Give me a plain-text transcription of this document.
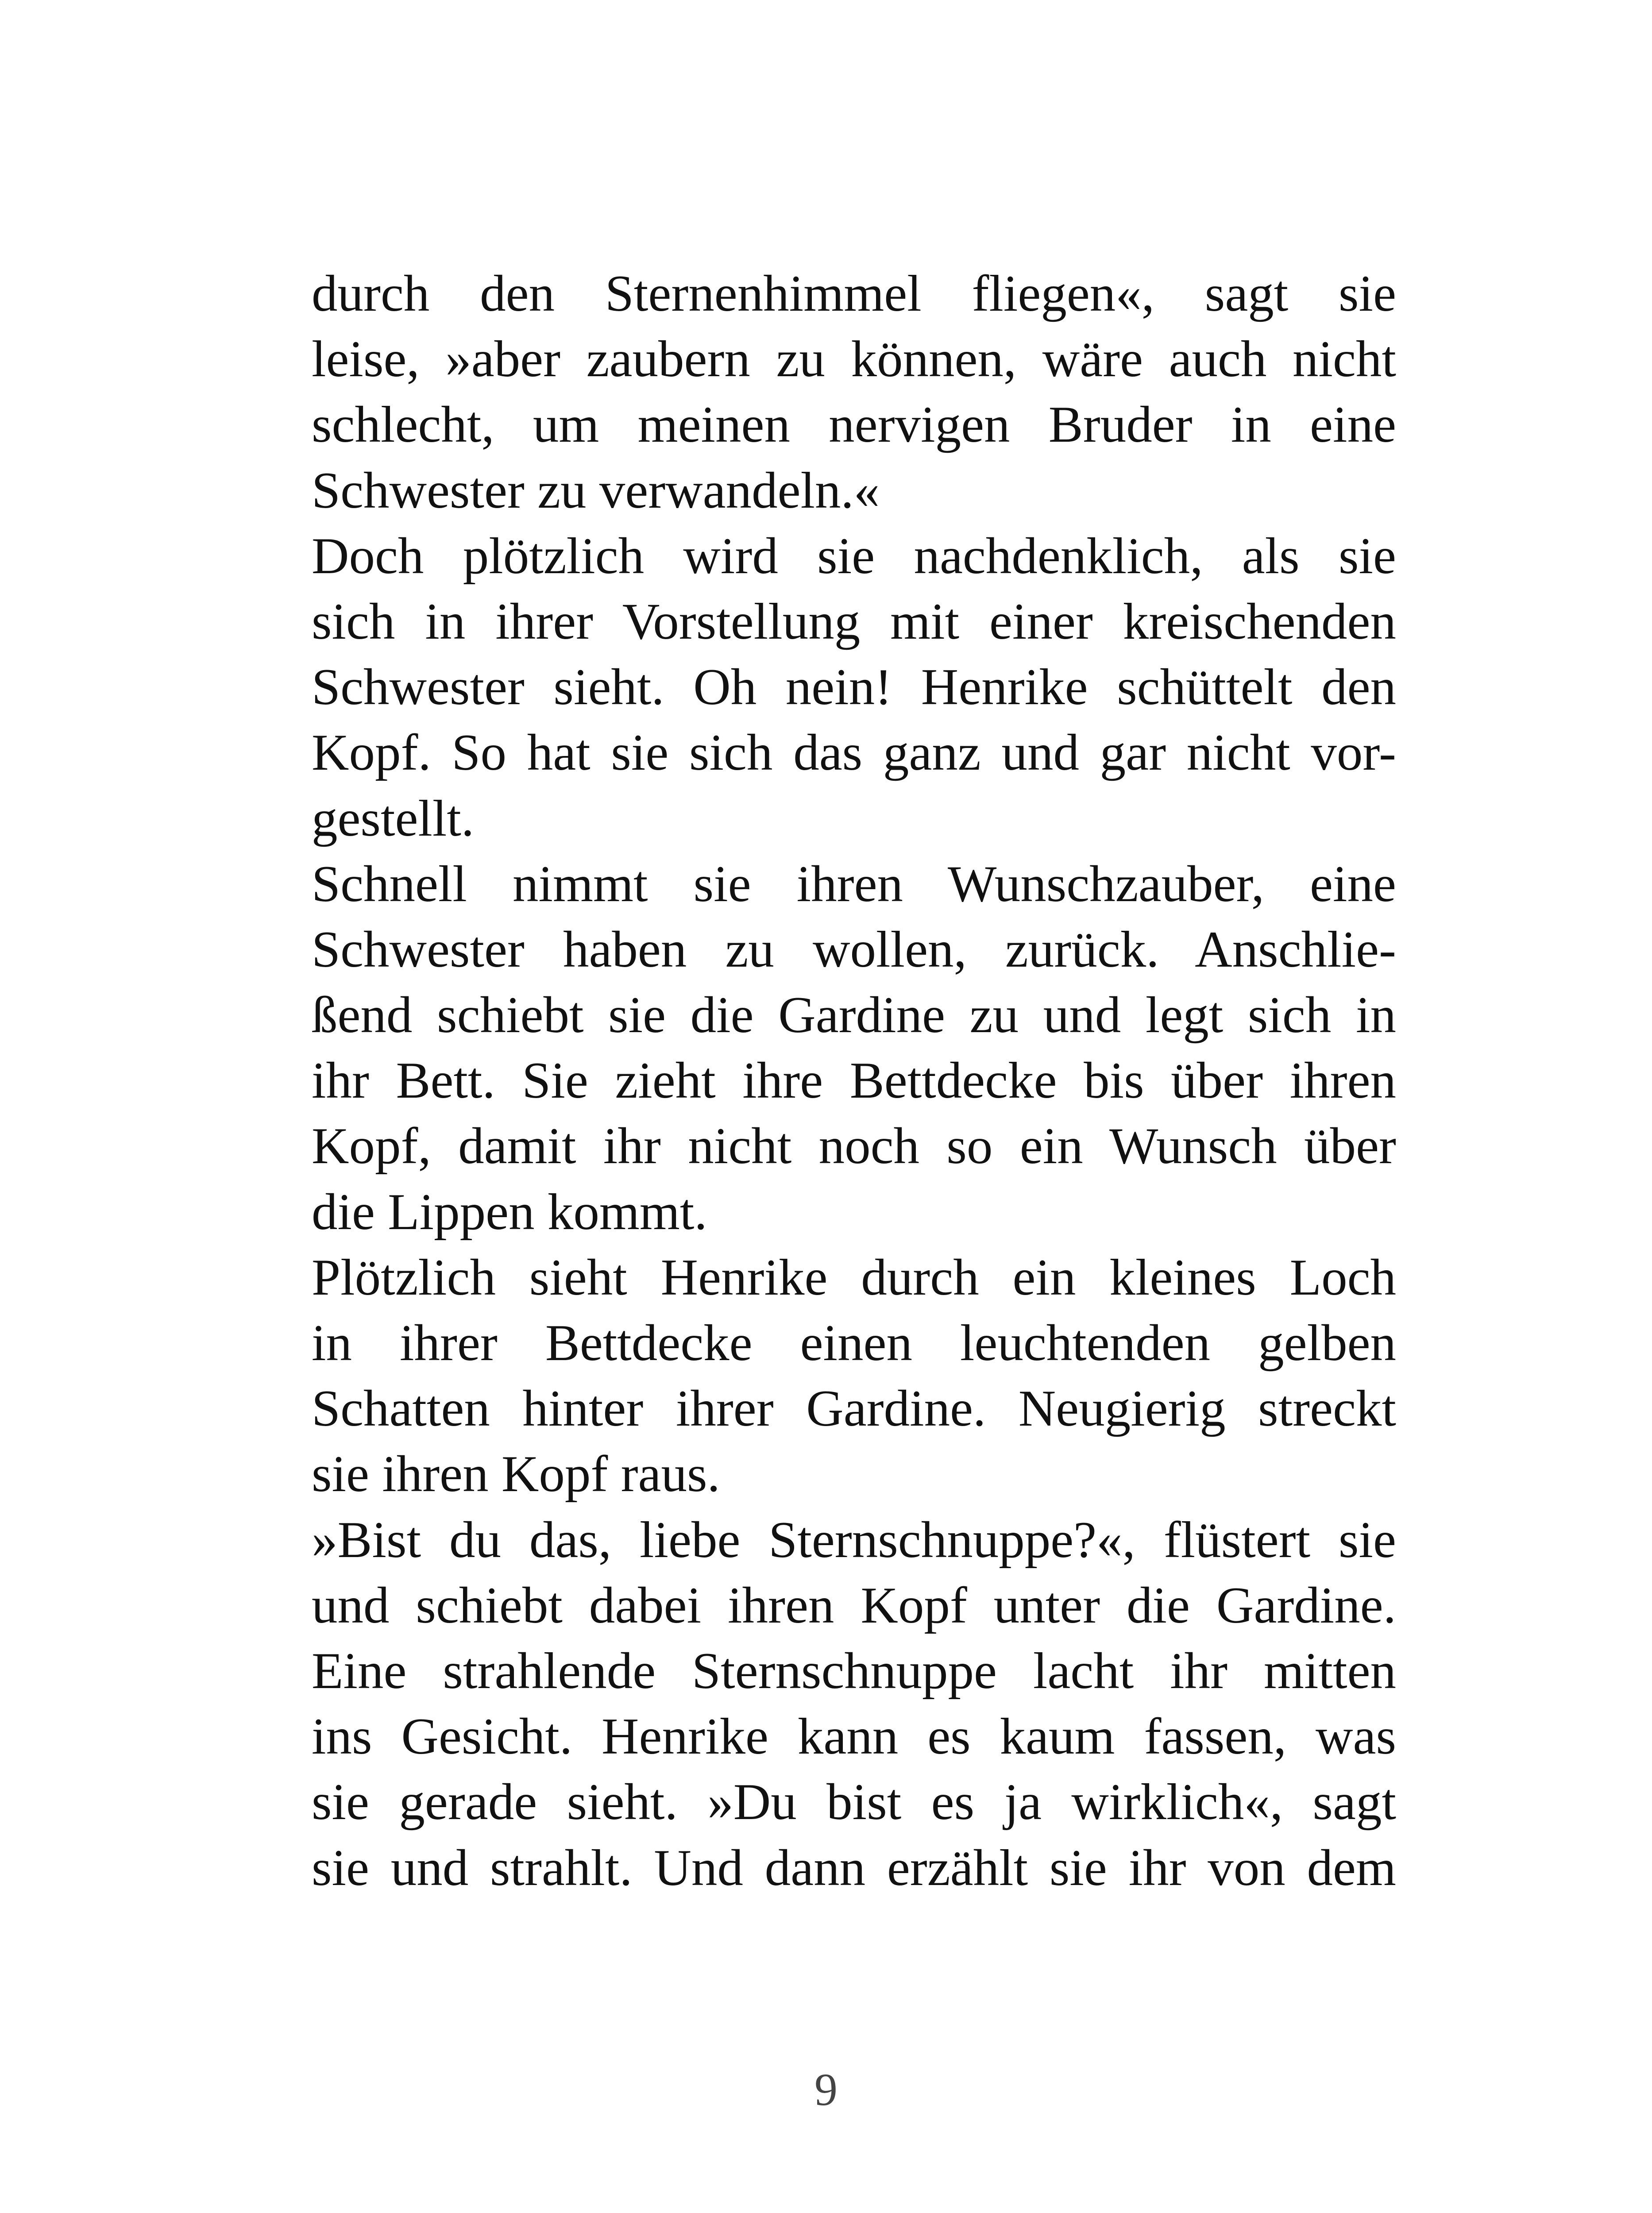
durch den Sternenhimmel fliegen«, sagt sie
leise, »aber zaubern zu können, wäre auch nicht
schlecht, um meinen nervigen Bruder in eine
Schwester zu verwandeln.«
Doch plötzlich wird sie nachdenklich, als sie
sich in ihrer Vorstellung mit einer kreischenden
Schwester sieht. Oh nein! Henrike schüttelt den
Kopf. So hat sie sich das ganz und gar nicht vor-
gestellt.
Schnell nimmt sie ihren Wunschzauber, eine
Schwester haben zu wollen, zurück. Anschlie-
ßend schiebt sie die Gardine zu und legt sich in
ihr Bett. Sie zieht ihre Bettdecke bis über ihren
Kopf, damit ihr nicht noch so ein Wunsch über
die Lippen kommt.
Plötzlich sieht Henrike durch ein kleines Loch
in ihrer Bettdecke einen leuchtenden gelben
Schatten hinter ihrer Gardine. Neugierig streckt
sie ihren Kopf raus.
»Bist du das, liebe Sternschnuppe?«, flüstert sie
und schiebt dabei ihren Kopf unter die Gardine.
Eine strahlende Sternschnuppe lacht ihr mitten
ins Gesicht. Henrike kann es kaum fassen, was
sie gerade sieht. »Du bist es ja wirklich«, sagt
sie und strahlt. Und dann erzählt sie ihr von dem
9
